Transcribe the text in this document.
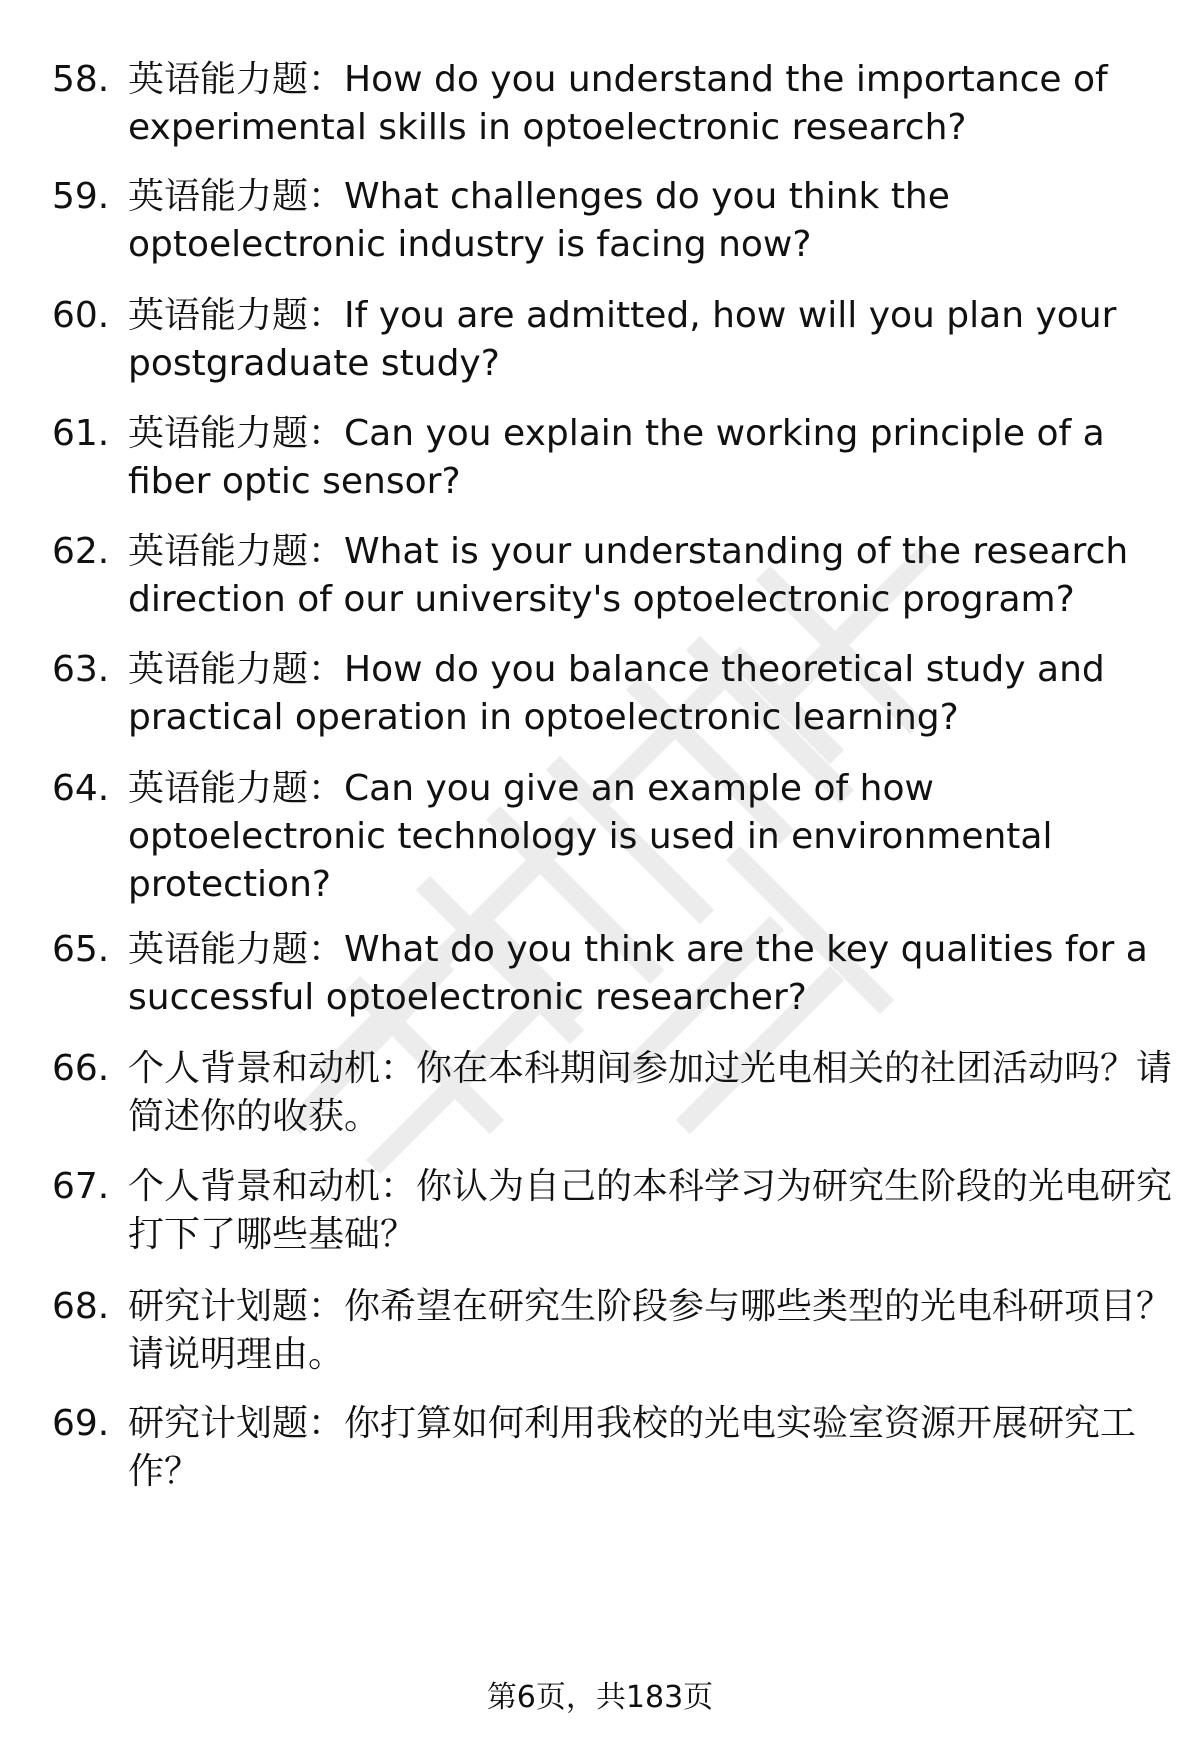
58. 英语能力题：How do you understand the importance of experimental skills in optoelectronic research?
59. 英语能力题：What challenges do you think the optoelectronic industry is facing now?
60. 英语能力题：If you are admitted, how will you plan your postgraduate study?
61. 英语能力题：Can you explain the working principle of a fiber optic sensor?
62. 英语能力题：What is your understanding of the research direction of our university's optoelectronic program?
63. 英语能力题：How do you balance theoretical study and practical operation in optoelectronic learning?
64. 英语能力题：Can you give an example of how optoelectronic technology is used in environmental protection?
65. 英语能力题：What do you think are the key qualities for a successful optoelectronic researcher?
66. 个人背景和动机：你在本科期间参加过光电相关的社团活动吗？请简述你的收获。
67. 个人背景和动机：你认为自己的本科学习为研究生阶段的光电研究打下了哪些基础？
68. 研究计划题：你希望在研究生阶段参与哪些类型的光电科研项目？请说明理由。
69. 研究计划题：你打算如何利用我校的光电实验室资源开展研究工作？
第6页，共183页
